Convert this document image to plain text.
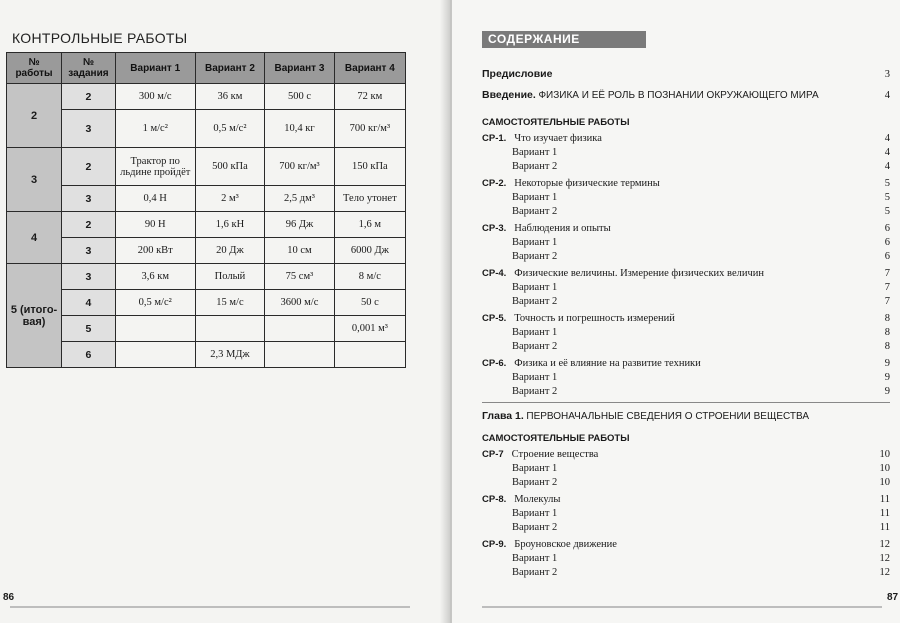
КОНТРОЛЬНЫЕ РАБОТЫ
№ работы	№ задания	Вариант 1	Вариант 2	Вариант 3	Вариант 4
2	2	300 м/с	36 км	500 с	72 км
	3	1 м/с²	0,5 м/с²	10,4 кг	700 кг/м³
3	2	Трактор по льдине пройдёт	500 кПа	700 кг/м³	150 кПа
	3	0,4 Н	2 м³	2,5 дм³	Тело утонет
4	2	90 Н	1,6 кН	96 Дж	1,6 м
	3	200 кВт	20 Дж	10 см	6000 Дж
5 (итого-вая)	3	3,6 км	Полый	75 см³	8 м/с
	4	0,5 м/с²	15 м/с	3600 м/с	50 с
	5				0,001 м³
	6		2,3 МДж		
86
СОДЕРЖАНИЕ
Предисловие	3
Введение. ФИЗИКА И ЕЁ РОЛЬ В ПОЗНАНИИ ОКРУЖАЮЩЕГО МИРА	4
САМОСТОЯТЕЛЬНЫЕ РАБОТЫ
СР-1. Что изучает физика	4
Вариант 1	4
Вариант 2	4
СР-2. Некоторые физические термины	5
Вариант 1	5
Вариант 2	5
СР-3. Наблюдения и опыты	6
Вариант 1	6
Вариант 2	6
СР-4. Физические величины. Измерение физических величин	7
Вариант 1	7
Вариант 2	7
СР-5. Точность и погрешность измерений	8
Вариант 1	8
Вариант 2	8
СР-6. Физика и её влияние на развитие техники	9
Вариант 1	9
Вариант 2	9
Глава 1. ПЕРВОНАЧАЛЬНЫЕ СВЕДЕНИЯ О СТРОЕНИИ ВЕЩЕСТВА
САМОСТОЯТЕЛЬНЫЕ РАБОТЫ
СР-7 Строение вещества	10
Вариант 1	10
Вариант 2	10
СР-8. Молекулы	11
Вариант 1	11
Вариант 2	11
СР-9. Броуновское движение	12
Вариант 1	12
Вариант 2	12
87
